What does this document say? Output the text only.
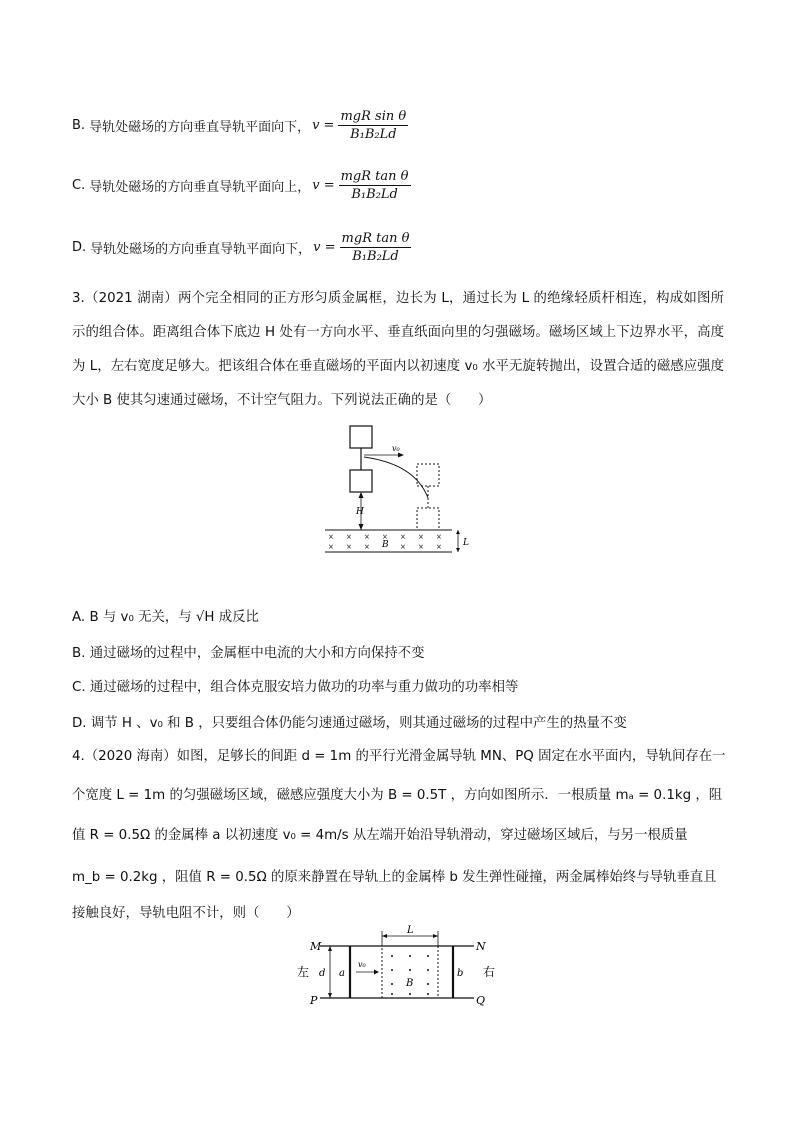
B. 导轨处磁场的方向垂直导轨平面向下， $v = \frac{\text{mgR sin θ}}{\text{B₁B₂Ld}}$
C. 导轨处磁场的方向垂直导轨平面向上， $v = \frac{\text{mgR tan θ}}{\text{B₁B₂Ld}}$
D. 导轨处磁场的方向垂直导轨平面向下， $v = \frac{\text{mgR tan θ}}{\text{B₁B₂Ld}}$
3.（2021 湖南）两个完全相同的正方形匀质金属框，边长为 L，通过长为 L 的绝缘轻质杆相连，构成如图所示的组合体。距离组合体下底边 H 处有一方向水平、垂直纸面向里的匀强磁场。磁场区域上下边界水平，高度为 L，左右宽度足够大。把该组合体在垂直磁场的平面内以初速度 v₀ 水平无旋转抛出，设置合适的磁感应强度大小 B 使其匀速通过磁场，不计空气阻力。下列说法正确的是（　　）
v₀
H
× × × × × × ×
× × ×	× × ×
B	L
A. B 与 v₀ 无关，与 √H 成反比
B. 通过磁场的过程中，金属框中电流的大小和方向保持不变
C. 通过磁场的过程中，组合体克服安培力做功的功率与重力做功的功率相等
D. 调节 H 、v₀ 和 B ，只要组合体仍能匀速通过磁场，则其通过磁场的过程中产生的热量不变
4.（2020 海南）如图，足够长的间距 d = 1m 的平行光滑金属导轨 MN、PQ 固定在水平面内，导轨间存在一
个宽度 L = 1m 的匀强磁场区域，磁感应强度大小为 B = 0.5T ，方向如图所示．一根质量 mₐ = 0.1kg ，阻
值 R = 0.5Ω 的金属棒 a 以初速度 v₀ = 4m/s 从左端开始沿导轨滑动，穿过磁场区域后，与另一根质量
m_b = 0.2kg ，阻值 R = 0.5Ω 的原来静置在导轨上的金属棒 b 发生弹性碰撞，两金属棒始终与导轨垂直且
接触良好，导轨电阻不计，则（　　）
M	N
P	Q
左 d a
v₀
L
B
b 右
